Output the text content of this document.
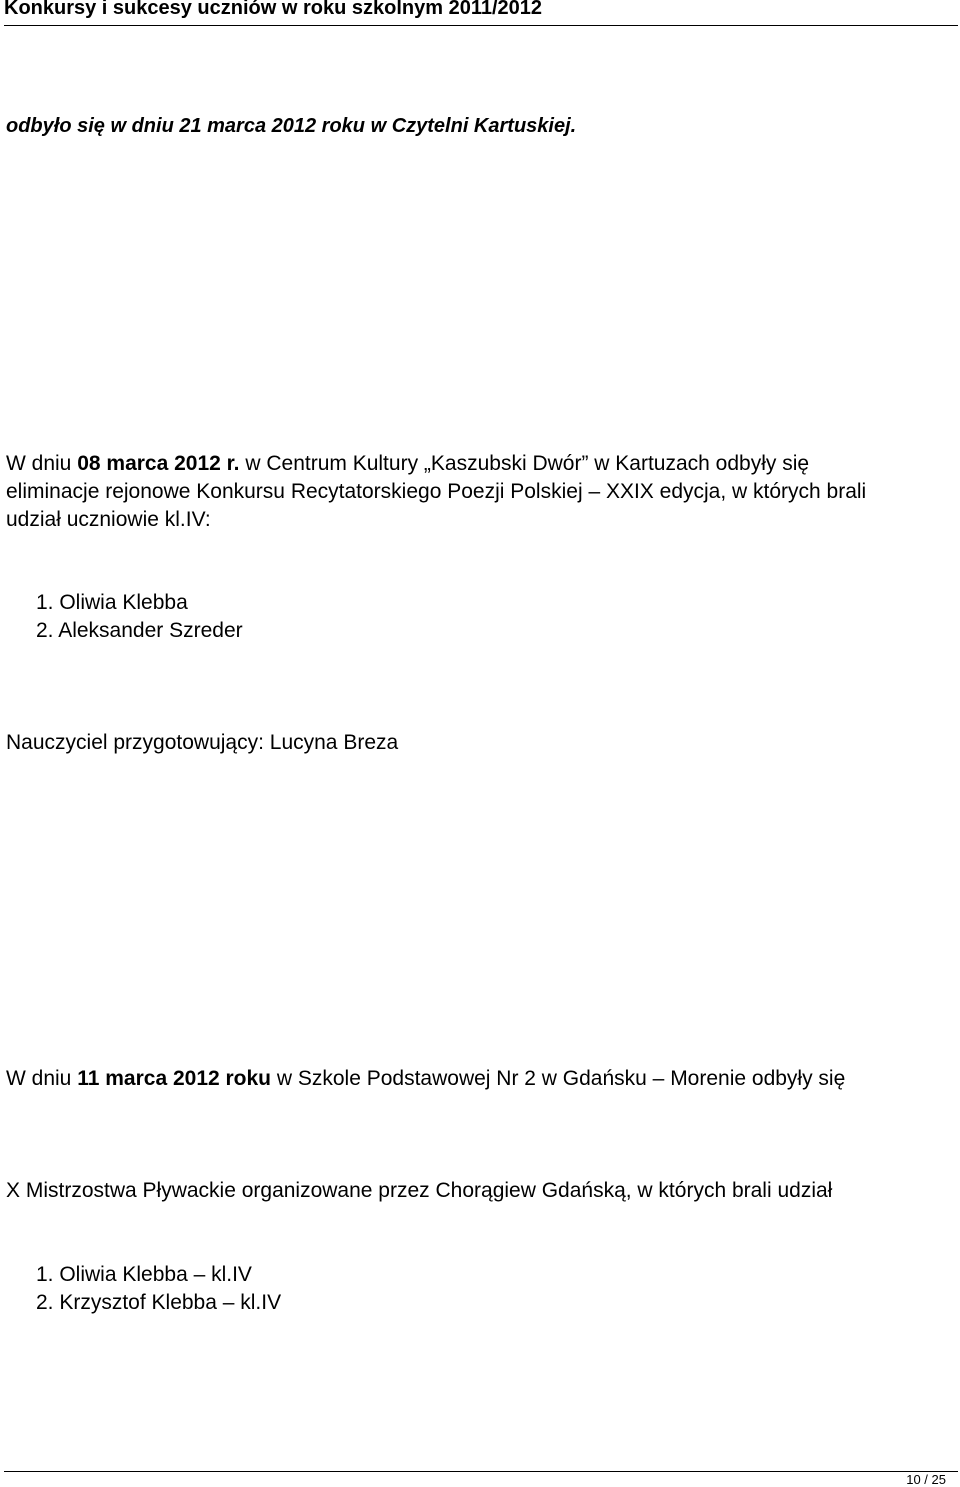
Konkursy i sukcesy uczniów w roku szkolnym 2011/2012
odbyło się w dniu 21 marca 2012 roku w Czytelni Kartuskiej.
W dniu 08 marca 2012 r. w Centrum Kultury „Kaszubski Dwór” w Kartuzach odbyły się
eliminacje rejonowe Konkursu Recytatorskiego Poezji Polskiej – XXIX edycja, w których brali
udział uczniowie kl.IV:
1. Oliwia Klebba
2. Aleksander Szreder
Nauczyciel przygotowujący: Lucyna Breza
W dniu 11 marca 2012 roku w Szkole Podstawowej Nr 2 w Gdańsku – Morenie odbyły się
X Mistrzostwa Pływackie organizowane przez Chorągiew Gdańską, w których brali udział
1. Oliwia Klebba – kl.IV
2. Krzysztof Klebba – kl.IV
10 / 25
